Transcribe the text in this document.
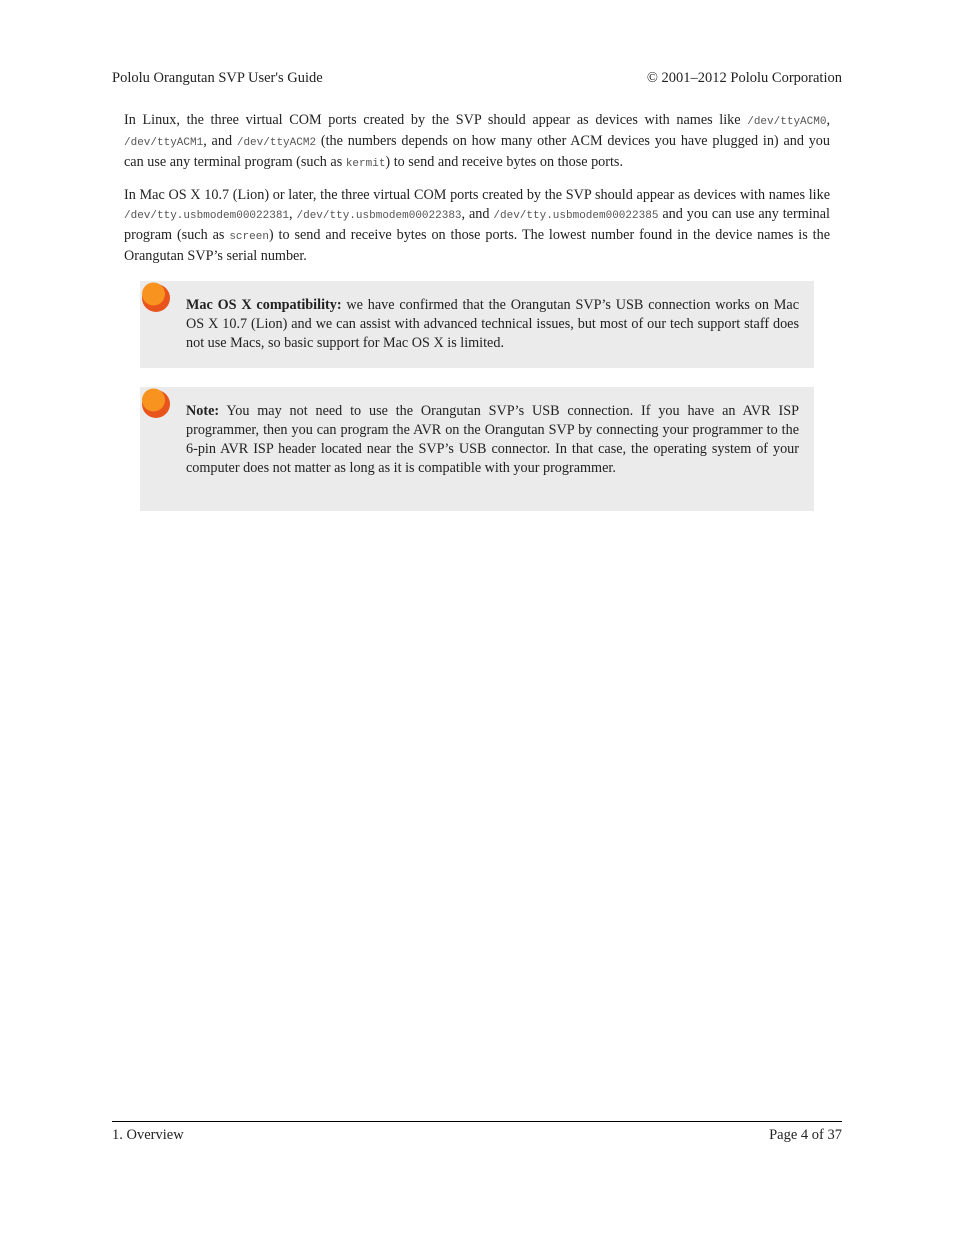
Pololu Orangutan SVP User's Guide	© 2001–2012 Pololu Corporation
In Linux, the three virtual COM ports created by the SVP should appear as devices with names like /dev/ttyACM0, /dev/ttyACM1, and /dev/ttyACM2 (the numbers depends on how many other ACM devices you have plugged in) and you can use any terminal program (such as kermit) to send and receive bytes on those ports.
In Mac OS X 10.7 (Lion) or later, the three virtual COM ports created by the SVP should appear as devices with names like /dev/tty.usbmodem00022381, /dev/tty.usbmodem00022383, and /dev/tty.usbmodem00022385 and you can use any terminal program (such as screen) to send and receive bytes on those ports. The lowest number found in the device names is the Orangutan SVP’s serial number.
Mac OS X compatibility: we have confirmed that the Orangutan SVP’s USB connection works on Mac OS X 10.7 (Lion) and we can assist with advanced technical issues, but most of our tech support staff does not use Macs, so basic support for Mac OS X is limited.
Note: You may not need to use the Orangutan SVP’s USB connection. If you have an AVR ISP programmer, then you can program the AVR on the Orangutan SVP by connecting your programmer to the 6-pin AVR ISP header located near the SVP’s USB connector. In that case, the operating system of your computer does not matter as long as it is compatible with your programmer.
1. Overview	Page 4 of 37
